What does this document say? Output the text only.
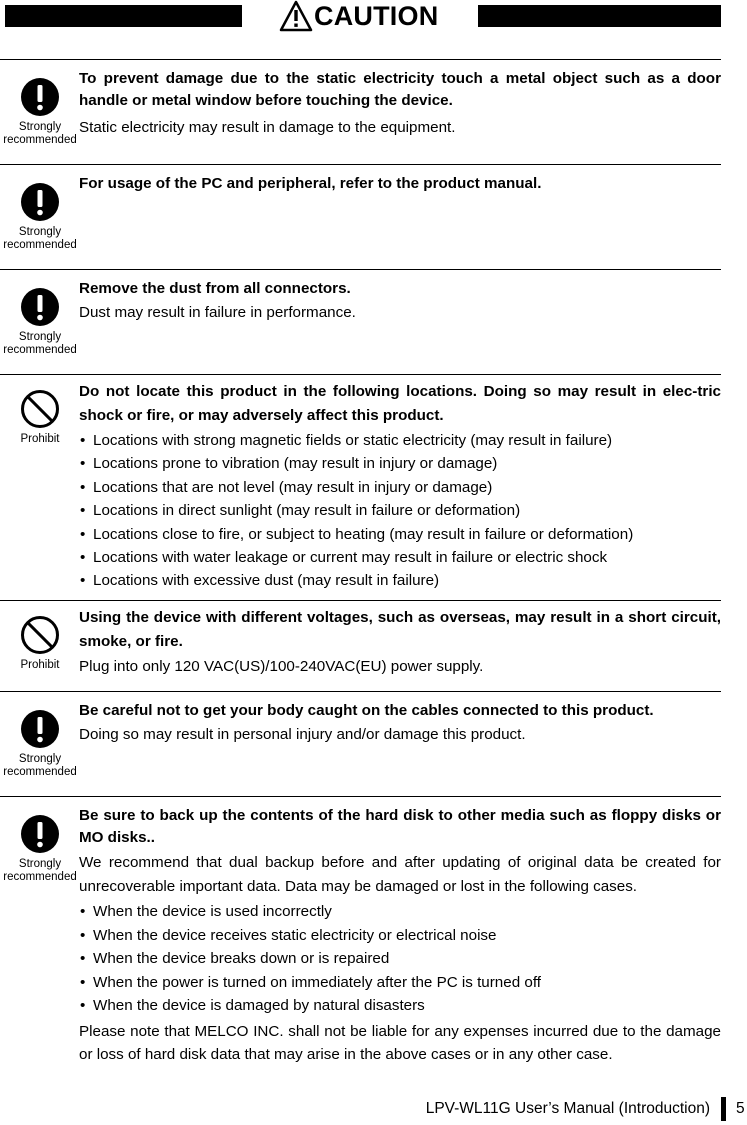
CAUTION
Strongly
recommended
To prevent damage due to the static electricity touch a metal object such as a door handle or metal window before touching the device.
Static electricity may result in damage to the equipment.
Strongly
recommended
For usage of the PC and peripheral, refer to the product manual.
Strongly
recommended
Remove the dust from all connectors.
Dust may result in failure in performance.
Prohibit
Do not locate this product in the following locations. Doing so may result in elec-tric shock or fire, or may adversely affect this product.
• Locations with strong magnetic fields or static electricity (may result in failure)
• Locations prone to vibration (may result in injury or damage)
• Locations that are not level (may result in injury or damage)
• Locations in direct sunlight (may result in failure or deformation)
• Locations close to fire, or subject to heating (may result in failure or deformation)
• Locations with water leakage or current may result in failure or electric shock
• Locations with excessive dust (may result in failure)
Prohibit
Using the device with different voltages, such as overseas, may result in a short circuit, smoke, or fire.
Plug into only 120 VAC(US)/100-240VAC(EU) power supply.
Strongly
recommended
Be careful not to get your body caught on the cables connected to this product.
Doing so may result in personal injury and/or damage this product.
Strongly
recommended
Be sure to back up the contents of the hard disk to other media such as floppy disks or MO disks..
We recommend that dual backup before and after updating of original data be created for unrecoverable important data. Data may be damaged or lost in the following cases.
• When the device is used incorrectly
• When the device receives static electricity or electrical noise
• When the device breaks down or is repaired
• When the power is turned on immediately after the PC is turned off
• When the device is damaged by natural disasters
Please note that MELCO INC. shall not be liable for any expenses incurred due to the damage or loss of hard disk data that may arise in the above cases or in any other case.
LPV-WL11G User’s Manual (Introduction) 5
